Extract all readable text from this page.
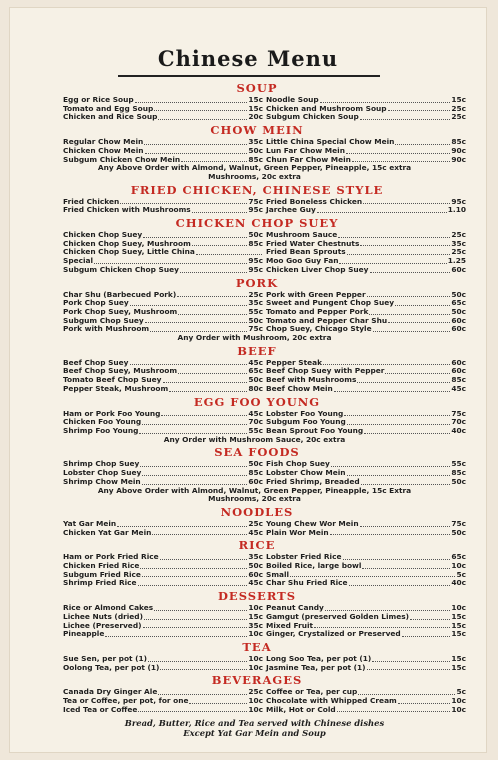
Chinese Menu
SOUP
Egg or Rice Soup	15c
Tomato and Egg Soup	15c
Chicken and Rice Soup	20c
Noodle Soup	15c
Chicken and Mushroom Soup	25c
Subgum Chicken Soup	25c
CHOW MEIN
Regular Chow Mein	35c
Chicken Chow Mein	50c
Subgum Chicken Chow Mein	85c
Little China Special Chow Mein	85c
Lun Far Chow Mein	90c
Chun Far Chow Mein	90c
Any Above Order with Almond, Walnut, Green Pepper, Pineapple, 15c extra
Mushrooms, 20c extra
FRIED CHICKEN, CHINESE STYLE
Fried Chicken	75c
Fried Chicken with Mushrooms	95c
Fried Boneless Chicken	95c
Jarchee Guy	1.10
CHICKEN CHOP SUEY
Chicken Chop Suey	50c
Chicken Chop Suey, Mushroom	85c
Chicken Chop Suey, Little China
Special	95c
Subgum Chicken Chop Suey	95c
Mushroom Sauce	25c
Fried Water Chestnuts	35c
Fried Bean Sprouts	25c
Moo Goo Guy Fan	1.25
Chicken Liver Chop Suey	60c
PORK
Char Shu (Barbecued Pork)	25c
Pork Chop Suey	35c
Pork Chop Suey, Mushroom	55c
Subgum Chop Suey	50c
Pork with Mushroom	75c
Pork with Green Pepper	50c
Sweet and Pungent Chop Suey	65c
Tomato and Pepper Pork	50c
Tomato and Pepper Char Shu	60c
Chop Suey, Chicago Style	60c
Any Order with Mushroom, 20c extra
BEEF
Beef Chop Suey	45c
Beef Chop Suey, Mushroom	65c
Tomato Beef Chop Suey	50c
Pepper Steak, Mushroom	80c
Pepper Steak	60c
Beef Chop Suey with Pepper	60c
Beef with Mushrooms	85c
Beef Chow Mein	45c
EGG FOO YOUNG
Ham or Pork Foo Young	45c
Chicken Foo Young	70c
Shrimp Foo Young	55c
Lobster Foo Young	75c
Subgum Foo Young	70c
Bean Sprout Foo Young	40c
Any Order with Mushroom Sauce, 20c extra
SEA FOODS
Shrimp Chop Suey	50c
Lobster Chop Suey	85c
Shrimp Chow Mein	60c
Fish Chop Suey	55c
Lobster Chow Mein	85c
Fried Shrimp, Breaded	50c
Any Above Order with Almond, Walnut, Green Pepper, Pineapple, 15c Extra
Mushrooms, 20c extra
NOODLES
Yat Gar Mein	25c
Chicken Yat Gar Mein	45c
Young Chew Wor Mein	75c
Plain Wor Mein	50c
RICE
Ham or Pork Fried Rice	35c
Chicken Fried Rice	50c
Subgum Fried Rice	60c
Shrimp Fried Rice	45c
Lobster Fried Rice	65c
Boiled Rice, large bowl	10c
Small	5c
Char Shu Fried Rice	40c
DESSERTS
Rice or Almond Cakes	10c
Lichee Nuts (dried)	15c
Lichee (Preserved)	35c
Pineapple	10c
Peanut Candy	10c
Gamgut (preserved Golden Limes)	15c
Mixed Fruit	15c
Ginger, Crystalized or Preserved	15c
TEA
Sue Sen, per pot (1)	10c
Oolong Tea, per pot (1)	10c
Long Soo Tea, per pot (1)	15c
Jasmine Tea, per pot (1)	15c
BEVERAGES
Canada Dry Ginger Ale	25c
Tea or Coffee, per pot, for one	10c
Iced Tea or Coffee	10c
Coffee or Tea, per cup	5c
Chocolate with Whipped Cream	10c
Milk, Hot or Cold	10c
Bread, Butter, Rice and Tea served with Chinese dishes
Except Yat Gar Mein and Soup
